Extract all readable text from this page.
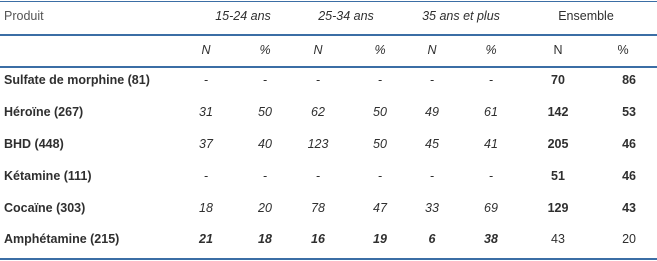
Produit	15-24 ans	25-34 ans	35 ans et plus	Ensemble
N	%	N	%	N	%	N	%
Sulfate de morphine (81)	-	-	-	-	-	-	70	86
Héroïne (267)	31	50	62	50	49	61	142	53
BHD (448)	37	40	123	50	45	41	205	46
Kétamine (111)	-	-	-	-	-	-	51	46
Cocaïne (303)	18	20	78	47	33	69	129	43
Amphétamine (215)	21	18	16	19	6	38	43	20
